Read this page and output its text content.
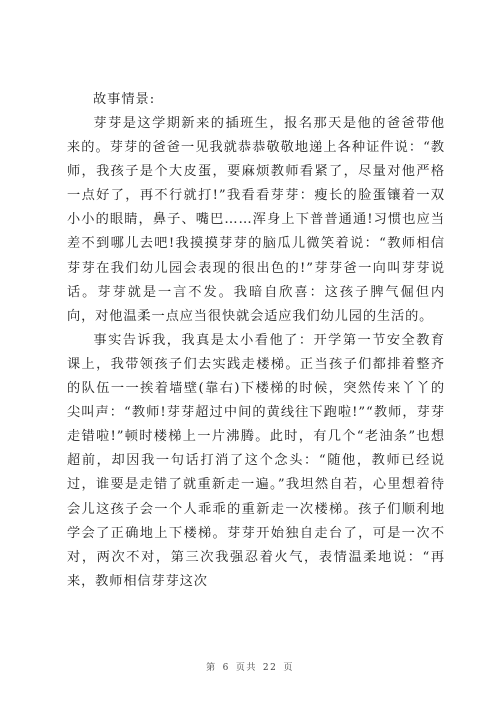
故事情景:

芽芽是这学期新来的插班生，报名那天是他的爸爸带他来的。芽芽的爸爸一见我就恭恭敬敬地递上各种证件说：“教师，我孩子是个大皮蛋，要麻烦教师看紧了，尽量对他严格一点好了，再不行就打!”我看看芽芽：瘦长的脸蛋镶着一双小小的眼睛，鼻子、嘴巴……浑身上下普普通通!习惯也应当差不到哪儿去吧!我摸摸芽芽的脑瓜儿微笑着说：“教师相信芽芽在我们幼儿园会表现的很出色的!”芽芽爸一向叫芽芽说话。芽芽就是一言不发。我暗自欣喜：这孩子脾气倔但内向，对他温柔一点应当很快就会适应我们幼儿园的生活的。

事实告诉我，我真是太小看他了：开学第一节安全教育课上，我带领孩子们去实践走楼梯。正当孩子们都排着整齐的队伍一一挨着墙壁(靠右)下楼梯的时候，突然传来丫丫的尖叫声：“教师!芽芽超过中间的黄线往下跑啦!”“教师，芽芽走错啦!”顿时楼梯上一片沸腾。此时，有几个“老油条”也想超前，却因我一句话打消了这个念头：“随他，教师已经说过，谁要是走错了就重新走一遍。”我坦然自若，心里想着待会儿这孩子会一个人乖乖的重新走一次楼梯。孩子们顺利地学会了正确地上下楼梯。芽芽开始独自走台了，可是一次不对，两次不对，第三次我强忍着火气，表情温柔地说：“再来，教师相信芽芽这次

第 6 页共 22 页
